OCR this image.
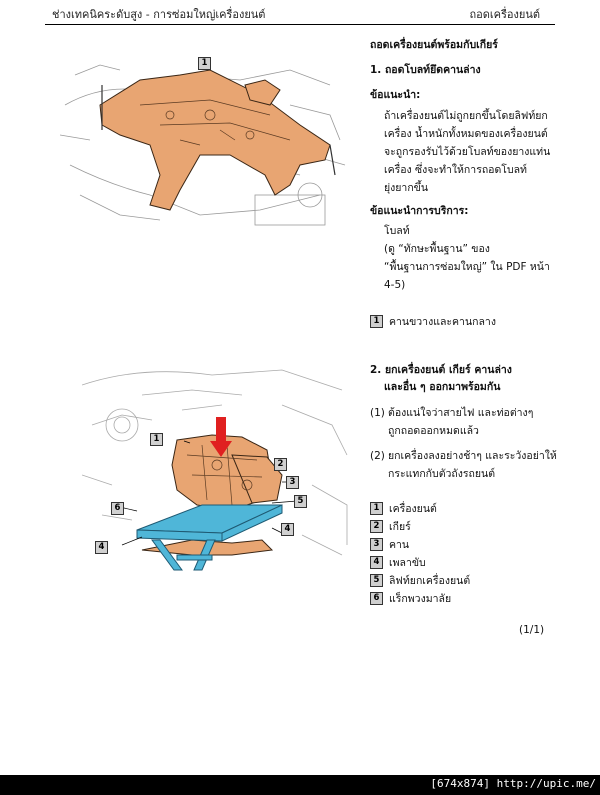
ช่างเทคนิคระดับสูง - การซ่อมใหญ่เครื่องยนต์	ถอดเครื่องยนต์
1
ถอดเครื่องยนต์พร้อมกับเกียร์
1. ถอดโบลท์ยึดคานล่าง
ข้อแนะนำ:
ถ้าเครื่องยนต์ไม่ถูกยกขึ้นโดยลิฟท์ยก
เครื่อง น้ำหนักทั้งหมดของเครื่องยนต์
จะถูกรองรับไว้ด้วยโบลท์ของยางแท่น
เครื่อง ซึ่งจะทำให้การถอดโบลท์
ยุ่งยากขึ้น
ข้อแนะนำการบริการ:
โบลท์
(ดู “ทักษะพื้นฐาน” ของ
“พื้นฐานการซ่อมใหญ่” ใน PDF หน้า
4-5)
1 คานขวางและคานกลาง
1
2
3
5
6
4
4
2. ยกเครื่องยนต์ เกียร์ คานล่าง
และอื่น ๆ ออกมาพร้อมกัน
(1) ต้องแน่ใจว่าสายไฟ และท่อต่างๆ
ถูกถอดออกหมดแล้ว
(2) ยกเครื่องลงอย่างช้าๆ และระวังอย่าให้
กระแทกกับตัวถังรถยนต์
1 เครื่องยนต์
2 เกียร์
3 คาน
4 เพลาขับ
5 ลิฟท์ยกเครื่องยนต์
6 แร็กพวงมาลัย
(1/1)
[674x874] http://upic.me/
